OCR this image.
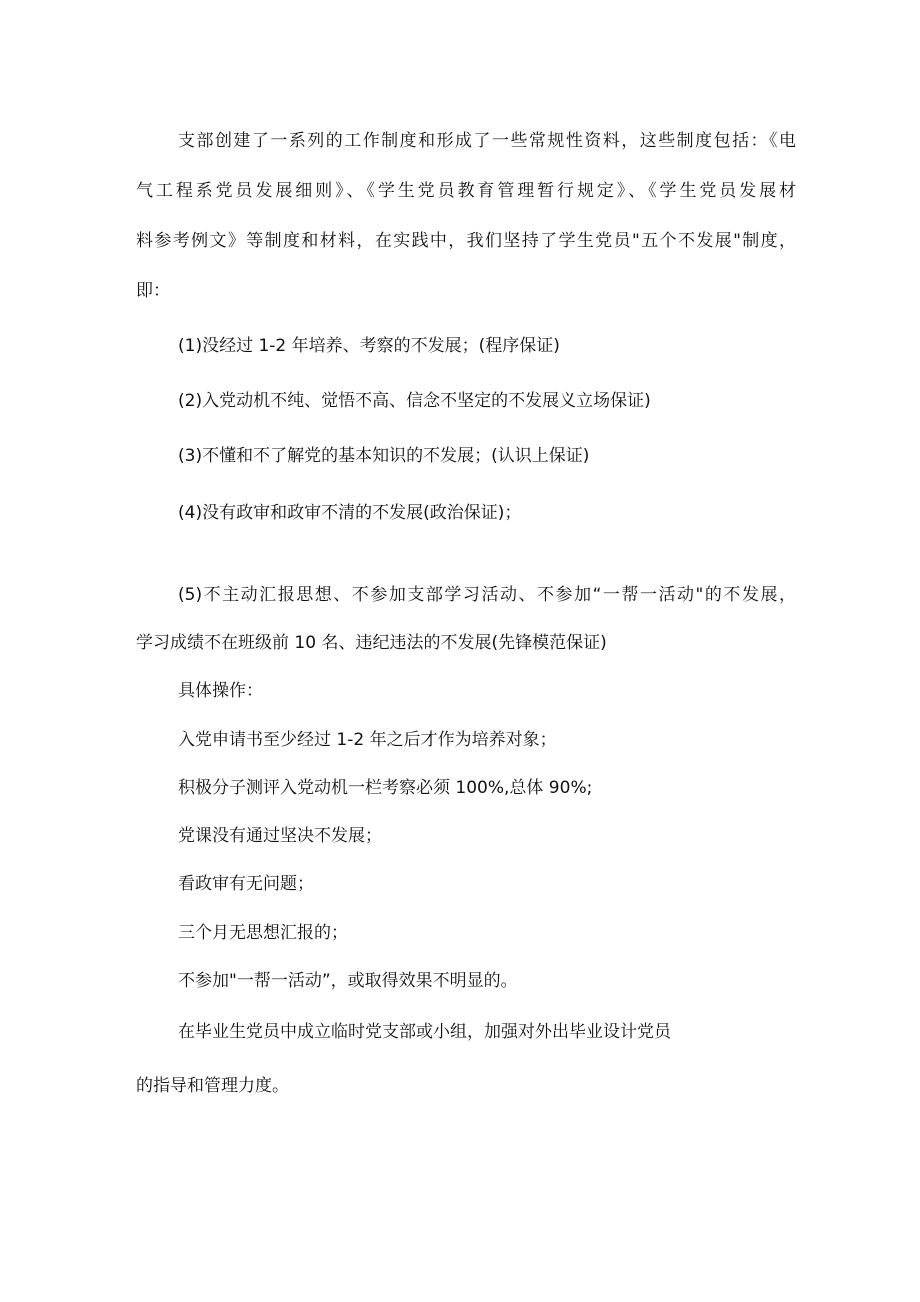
支部创建了一系列的工作制度和形成了一些常规性资料，这些制度包括：《电
气工程系党员发展细则》、《学生党员教育管理暂行规定》、《学生党员发展材
料参考例文》等制度和材料，在实践中，我们坚持了学生党员"五个不发展"制度，
即：
(1)没经过 1-2 年培养、考察的不发展；(程序保证)
(2)入党动机不纯、觉悟不高、信念不坚定的不发展义立场保证)
(3)不懂和不了解党的基本知识的不发展；(认识上保证)
(4)没有政审和政审不清的不发展(政治保证)；
(5)不主动汇报思想、不参加支部学习活动、不参加“一帮一活动"的不发展，
学习成绩不在班级前 10 名、违纪违法的不发展(先锋模范保证)
具体操作：
入党申请书至少经过 1-2 年之后才作为培养对象；
积极分子测评入党动机一栏考察必须 100%,总体 90%;
党课没有通过坚决不发展；
看政审有无问题；
三个月无思想汇报的；
不参加"一帮一活动”，或取得效果不明显的。
在毕业生党员中成立临时党支部或小组，加强对外出毕业设计党员
的指导和管理力度。
